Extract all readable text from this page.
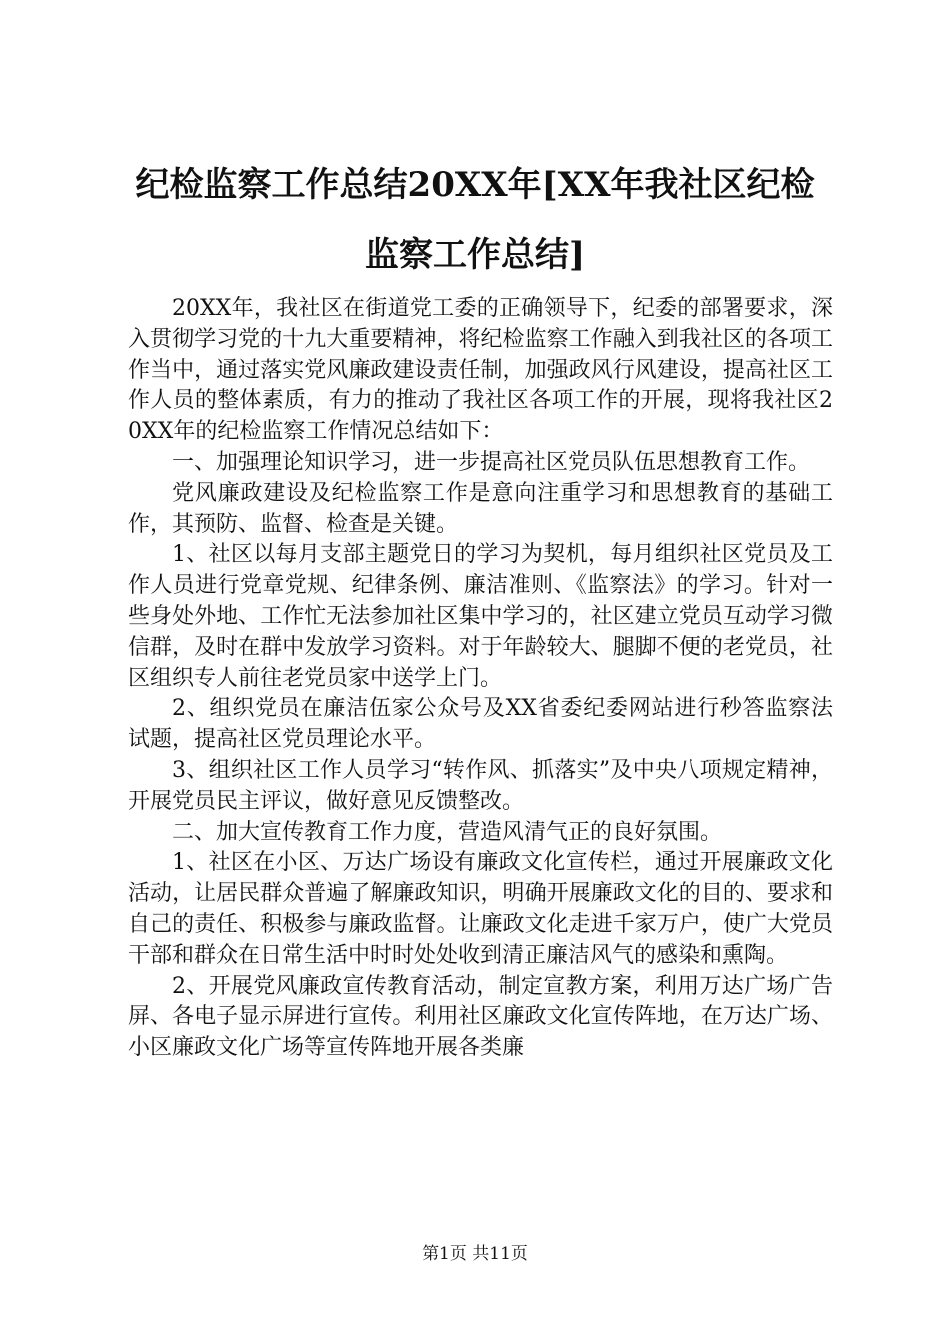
纪检监察工作总结20XX年[XX年我社区纪检监察工作总结]

20XX年，我社区在街道党工委的正确领导下，纪委的部署要求，深入贯彻学习党的十九大重要精神，将纪检监察工作融入到我社区的各项工作当中，通过落实党风廉政建设责任制，加强政风行风建设，提高社区工作人员的整体素质，有力的推动了我社区各项工作的开展，现将我社区20XX年的纪检监察工作情况总结如下：

一、加强理论知识学习，进一步提高社区党员队伍思想教育工作。

党风廉政建设及纪检监察工作是意向注重学习和思想教育的基础工作，其预防、监督、检查是关键。

1、社区以每月支部主题党日的学习为契机，每月组织社区党员及工作人员进行党章党规、纪律条例、廉洁准则、《监察法》的学习。针对一些身处外地、工作忙无法参加社区集中学习的，社区建立党员互动学习微信群，及时在群中发放学习资料。对于年龄较大、腿脚不便的老党员，社区组织专人前往老党员家中送学上门。

2、组织党员在廉洁伍家公众号及XX省委纪委网站进行秒答监察法试题，提高社区党员理论水平。

3、组织社区工作人员学习“转作风、抓落实”及中央八项规定精神，开展党员民主评议，做好意见反馈整改。

二、加大宣传教育工作力度，营造风清气正的良好氛围。

1、社区在小区、万达广场设有廉政文化宣传栏，通过开展廉政文化活动，让居民群众普遍了解廉政知识，明确开展廉政文化的目的、要求和自己的责任、积极参与廉政监督。让廉政文化走进千家万户，使广大党员干部和群众在日常生活中时时处处收到清正廉洁风气的感染和熏陶。

2、开展党风廉政宣传教育活动，制定宣教方案，利用万达广场广告屏、各电子显示屏进行宣传。利用社区廉政文化宣传阵地，在万达广场、小区廉政文化广场等宣传阵地开展各类廉

第1页 共11页
